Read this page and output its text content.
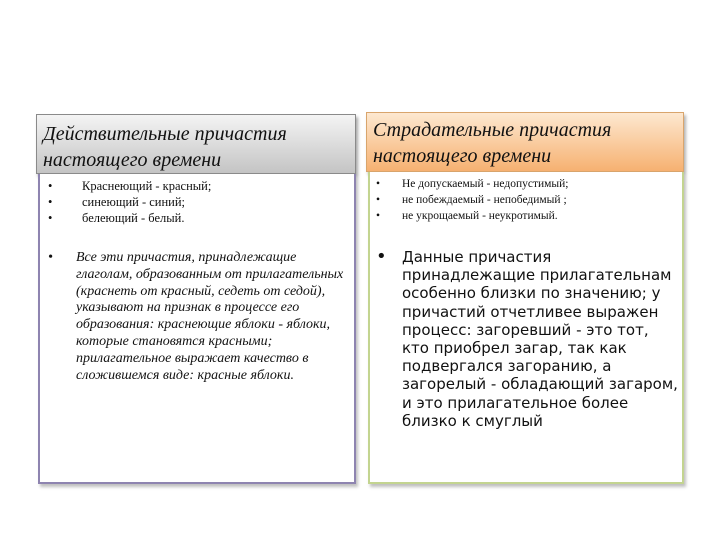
Действительные причастия настоящего времени
• Краснеющий - красный;
• синеющий - синий;
• белеющий - белый.
• Все эти причастия, принадлежащие глаголам, образованным от прилагательных (краснеть от красный, седеть от седой), указывают на признак в процессе его образования: краснеющие яблоки - яблоки, которые становятся красными; прилагательное выражает качество в сложившемся виде: красные яблоки.
Страдательные причастия настоящего времени
• Не допускаемый - недопустимый;
• не побеждаемый - непобедимый ;
• не укрощаемый - неукротимый.
• Данные причастия принадлежащие прилагательнам особенно близки по значению; у причастий отчетливее выражен процесс: загоревший - это тот, кто приобрел загар, так как подвергался загоранию, а загорелый - обладающий загаром, и это прилагательное более близко к смуглый
